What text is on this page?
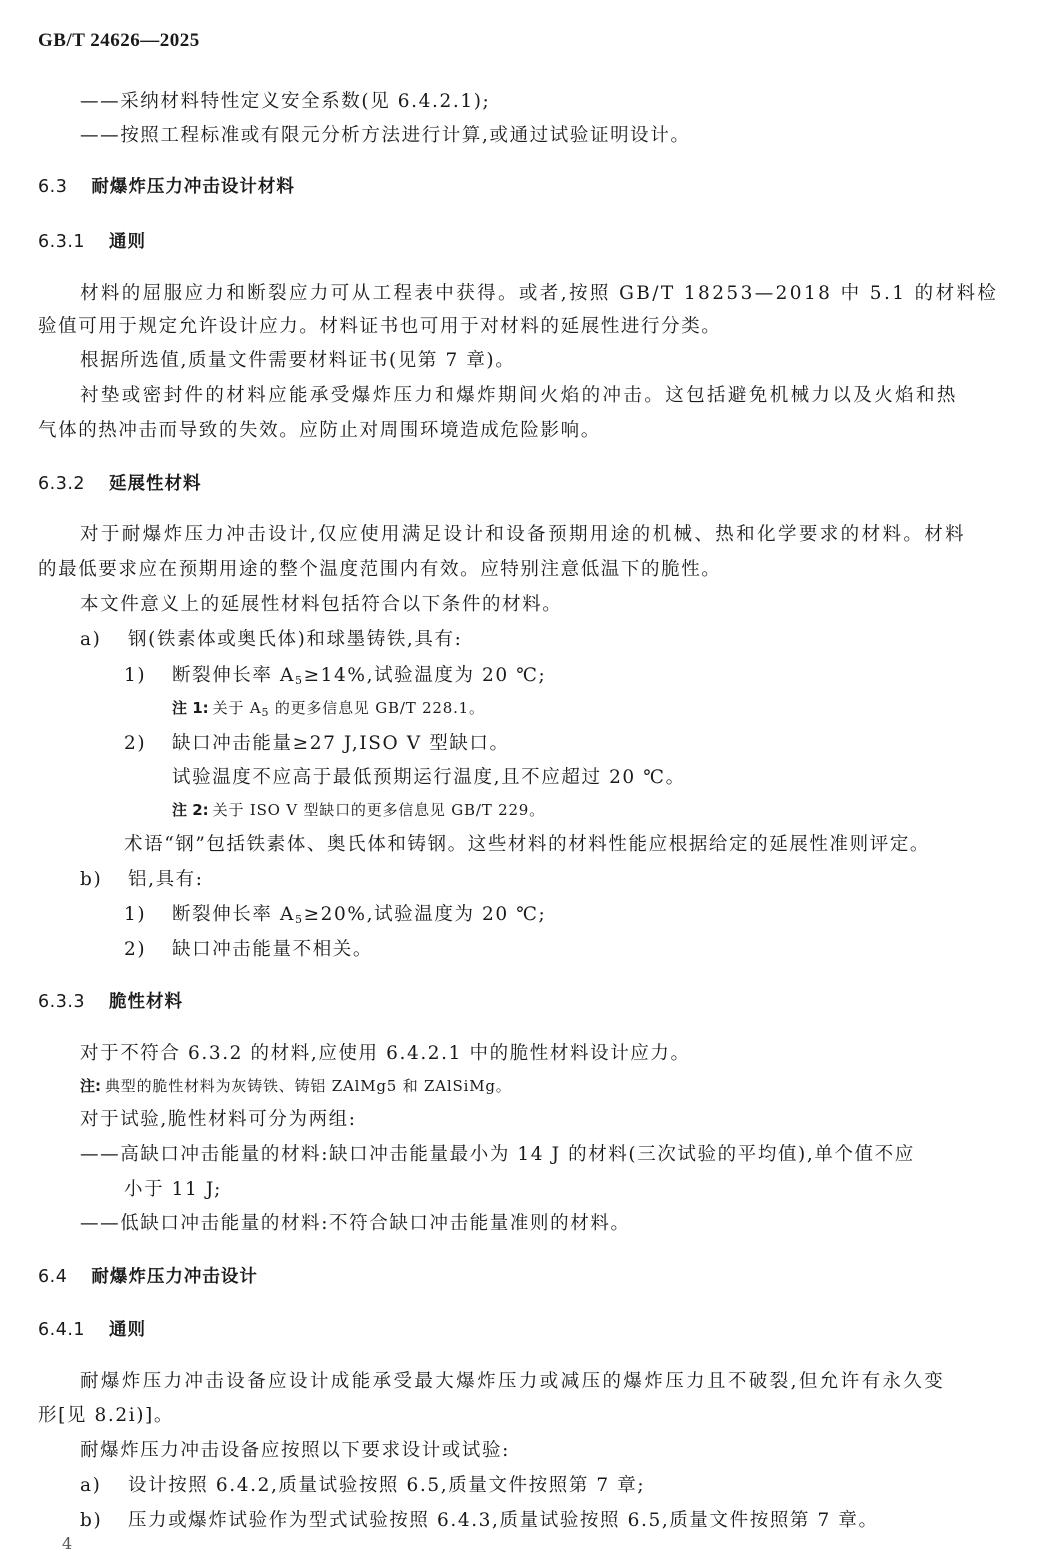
GB/T 24626—2025
——采纳材料特性定义安全系数(见 6.4.2.1);
——按照工程标准或有限元分析方法进行计算,或通过试验证明设计。
6.3 耐爆炸压力冲击设计材料
6.3.1 通则
材料的屈服应力和断裂应力可从工程表中获得。或者,按照 GB/T 18253—2018 中 5.1 的材料检
验值可用于规定允许设计应力。材料证书也可用于对材料的延展性进行分类。
根据所选值,质量文件需要材料证书(见第 7 章)。
衬垫或密封件的材料应能承受爆炸压力和爆炸期间火焰的冲击。这包括避免机械力以及火焰和热
气体的热冲击而导致的失效。应防止对周围环境造成危险影响。
6.3.2 延展性材料
对于耐爆炸压力冲击设计,仅应使用满足设计和设备预期用途的机械、热和化学要求的材料。材料
的最低要求应在预期用途的整个温度范围内有效。应特别注意低温下的脆性。
本文件意义上的延展性材料包括符合以下条件的材料。
a) 钢(铁素体或奥氏体)和球墨铸铁,具有:
1) 断裂伸长率 $A_5\ge 14\%$,试验温度为 20 ℃;
注 1: 关于 $A_5$ 的更多信息见 GB/T 228.1。
2) 缺口冲击能量≥27 J,ISO V 型缺口。
试验温度不应高于最低预期运行温度,且不应超过 20 ℃。
注 2: 关于 ISO V 型缺口的更多信息见 GB/T 229。
术语“钢”包括铁素体、奥氏体和铸钢。这些材料的材料性能应根据给定的延展性准则评定。
b) 铝,具有:
1) 断裂伸长率 $A_5\ge 20\%$,试验温度为 20 ℃;
2) 缺口冲击能量不相关。
6.3.3 脆性材料
对于不符合 6.3.2 的材料,应使用 6.4.2.1 中的脆性材料设计应力。
注: 典型的脆性材料为灰铸铁、铸铝 ZAlMg5 和 ZAlSiMg。
对于试验,脆性材料可分为两组:
——高缺口冲击能量的材料:缺口冲击能量最小为 14 J 的材料(三次试验的平均值),单个值不应
小于 11 J;
——低缺口冲击能量的材料:不符合缺口冲击能量准则的材料。
6.4 耐爆炸压力冲击设计
6.4.1 通则
耐爆炸压力冲击设备应设计成能承受最大爆炸压力或减压的爆炸压力且不破裂,但允许有永久变
形[见 8.2i)]。
耐爆炸压力冲击设备应按照以下要求设计或试验:
a) 设计按照 6.4.2,质量试验按照 6.5,质量文件按照第 7 章;
b) 压力或爆炸试验作为型式试验按照 6.4.3,质量试验按照 6.5,质量文件按照第 7 章。
4
